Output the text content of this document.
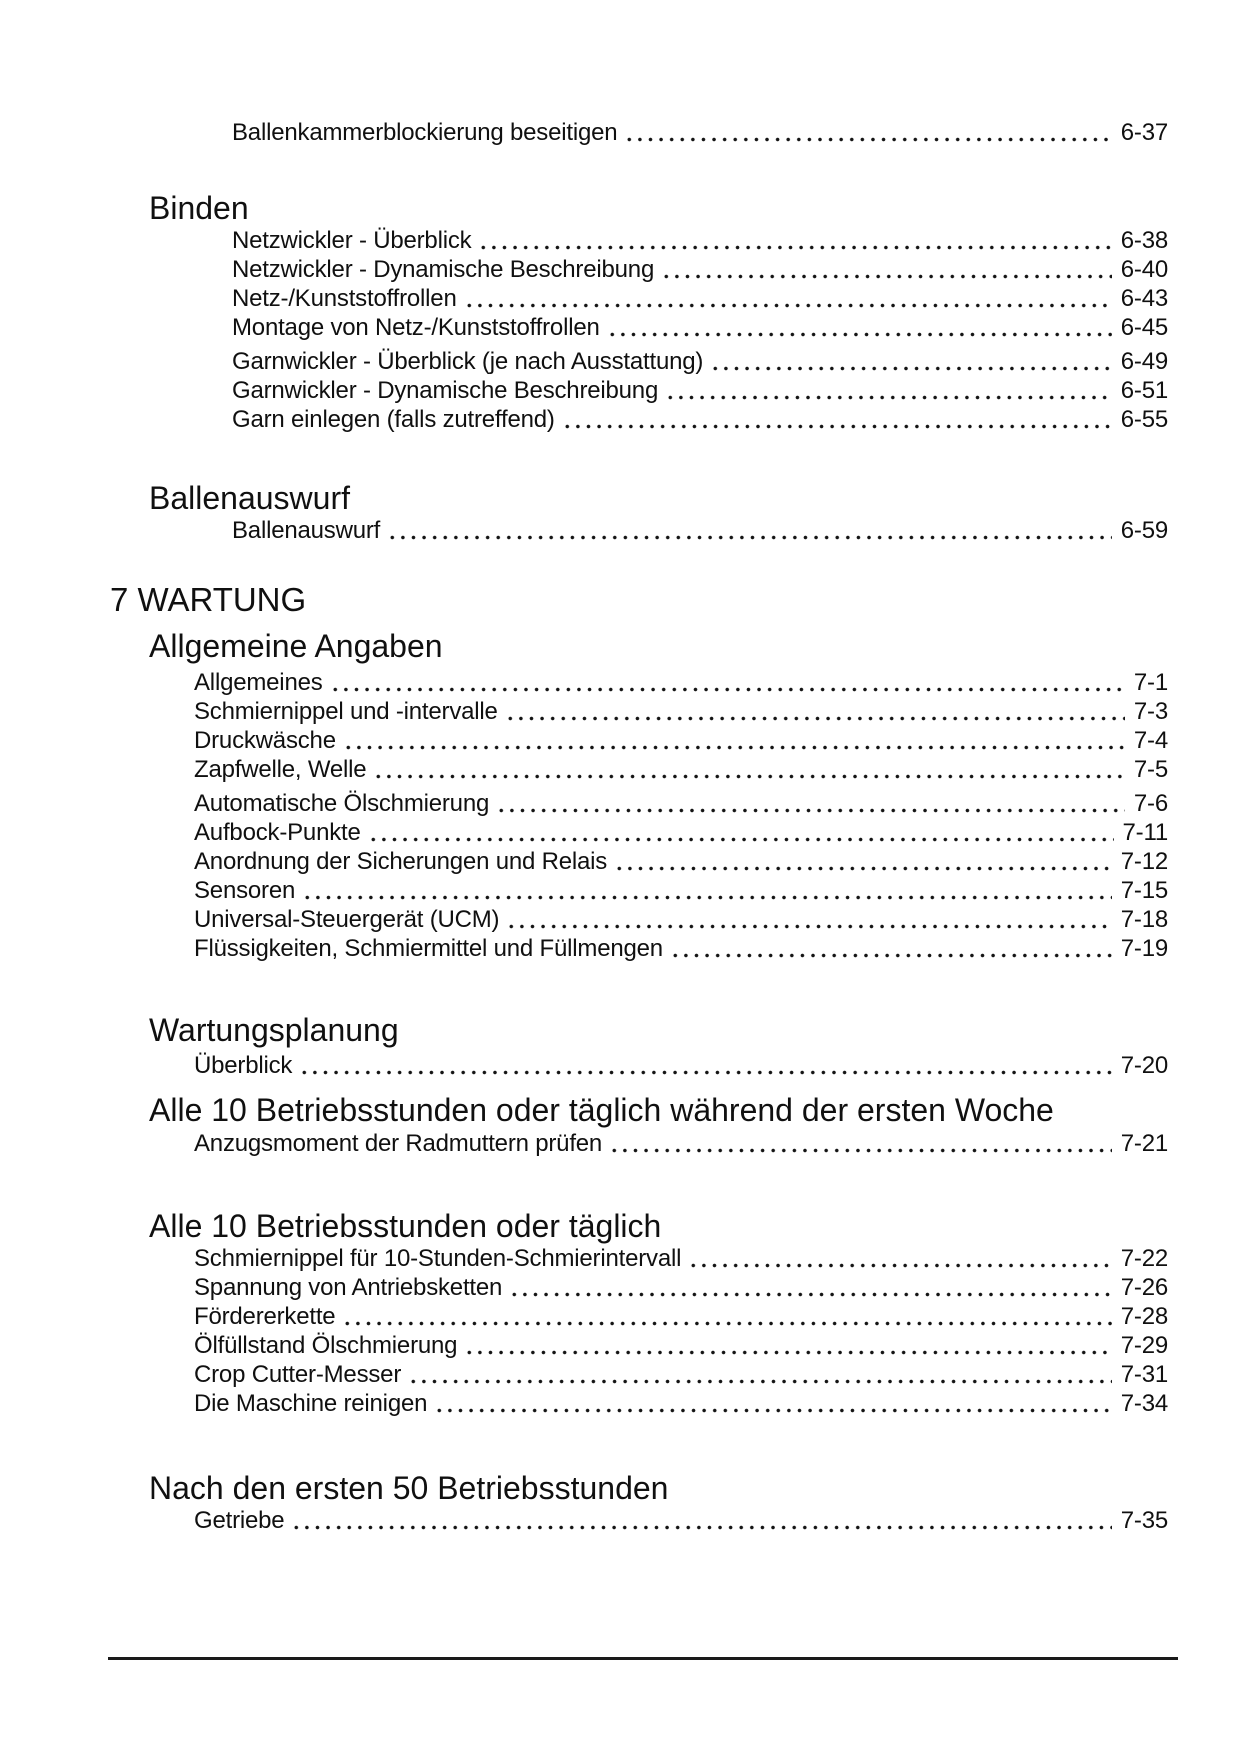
Ballenkammerblockierung beseitigen	6-37
Binden
Netzwickler - Überblick	6-38
Netzwickler - Dynamische Beschreibung	6-40
Netz-/Kunststoffrollen	6-43
Montage von Netz-/Kunststoffrollen	6-45
Garnwickler - Überblick (je nach Ausstattung)	6-49
Garnwickler - Dynamische Beschreibung	6-51
Garn einlegen (falls zutreffend)	6-55
Ballenauswurf
Ballenauswurf	6-59
7 WARTUNG
Allgemeine Angaben
Allgemeines	7-1
Schmiernippel und -intervalle	7-3
Druckwäsche	7-4
Zapfwelle, Welle	7-5
Automatische Ölschmierung	7-6
Aufbock-Punkte	7-11
Anordnung der Sicherungen und Relais	7-12
Sensoren	7-15
Universal-Steuergerät (UCM)	7-18
Flüssigkeiten, Schmiermittel und Füllmengen	7-19
Wartungsplanung
Überblick	7-20
Alle 10 Betriebsstunden oder täglich während der ersten Woche
Anzugsmoment der Radmuttern prüfen	7-21
Alle 10 Betriebsstunden oder täglich
Schmiernippel für 10-Stunden-Schmierintervall	7-22
Spannung von Antriebsketten	7-26
Fördererkette	7-28
Ölfüllstand Ölschmierung	7-29
Crop Cutter-Messer	7-31
Die Maschine reinigen	7-34
Nach den ersten 50 Betriebsstunden
Getriebe	7-35
